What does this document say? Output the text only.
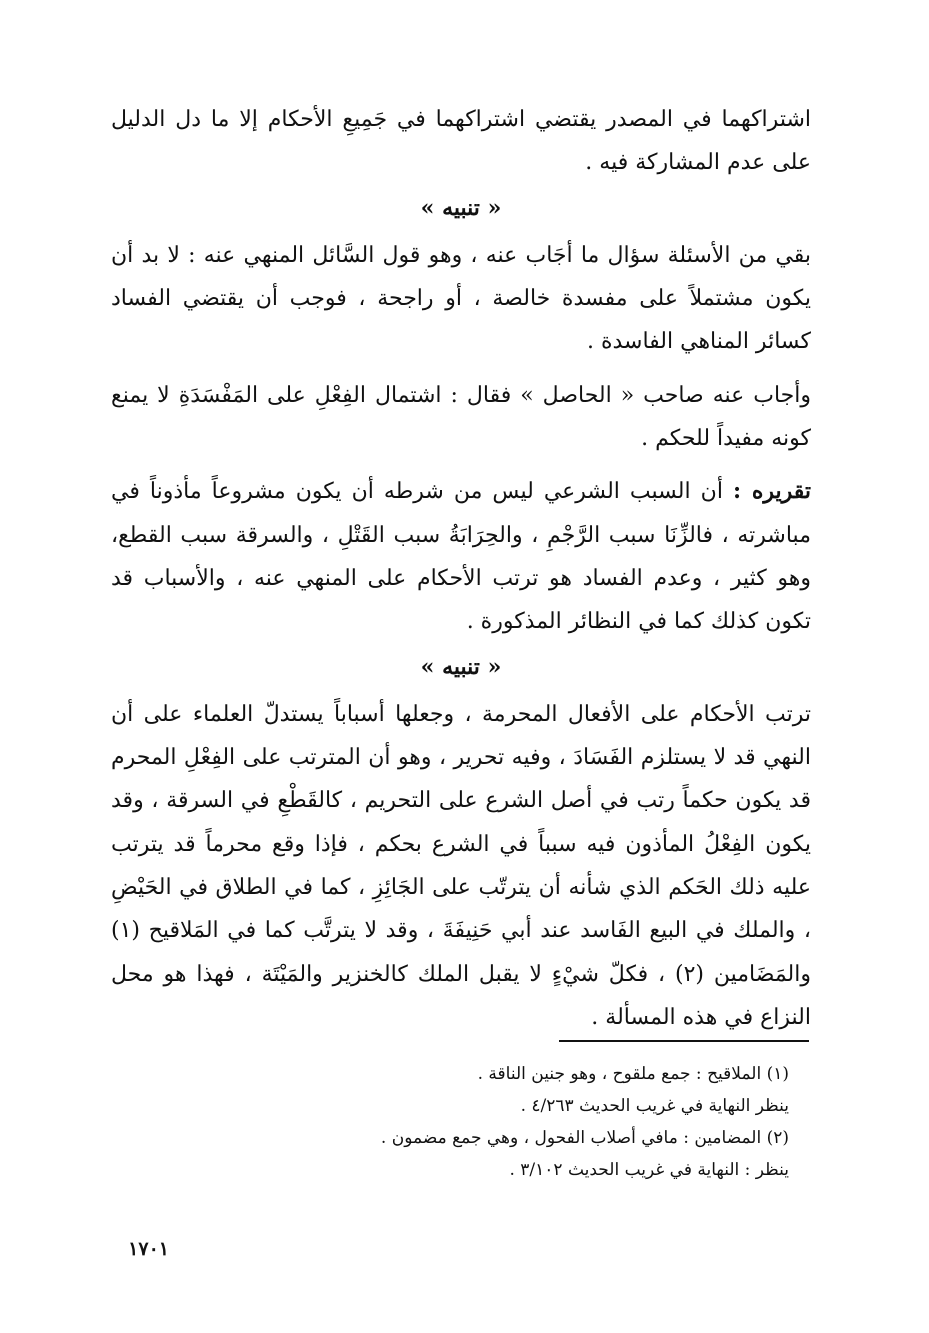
اشتراكهما في المصدر يقتضي اشتراكهما في جَمِيعِ الأحكام إلا ما دل الدليل على عدم المشاركة فيه .

« تنبيه »

بقي من الأسئلة سؤال ما أجَاب عنه ، وهو قول السَّائل المنهي عنه : لا بد أن يكون مشتملاً على مفسدة خالصة ، أو راجحة ، فوجب أن يقتضي الفساد كسائر المناهي الفاسدة .

وأجاب عنه صاحب « الحاصل » فقال : اشتمال الفِعْلِ على المَفْسَدَةِ لا يمنع كونه مفيداً للحكم .

تقريره : أن السبب الشرعي ليس من شرطه أن يكون مشروعاً مأذوناً في مباشرته ، فالزِّنَا سبب الرَّجْمِ ، والحِرَابَةُ سبب القَتْلِ ، والسرقة سبب القطع، وهو كثير ، وعدم الفساد هو ترتب الأحكام على المنهي عنه ، والأسباب قد تكون كذلك كما في النظائر المذكورة .

« تنبيه »

ترتب الأحكام على الأفعال المحرمة ، وجعلها أسباباً يستدلّ العلماء على أن النهي قد لا يستلزم الفَسَادَ ، وفيه تحرير ، وهو أن المترتب على الفِعْلِ المحرم قد يكون حكماً رتب في أصل الشرع على التحريم ، كالقَطْعِ في السرقة ، وقد يكون الفِعْلُ المأذون فيه سبباً في الشرع بحكم ، فإذا وقع محرماً قد يترتب عليه ذلك الحَكم الذي شأنه أن يترتّب على الجَائِزِ ، كما في الطلاق في الحَيْضِ ، والملك في البيع الفَاسد عند أبي حَنِيفَةَ ، وقد لا يترتَّب كما في المَلاقيح (١) والمَضَامين (٢) ، فكلّ شيْءٍ لا يقبل الملك كالخنزير والمَيْتَة ، فهذا هو محل النزاع في هذه المسألة .

(١) الملاقيح : جمع ملقوح ، وهو جنين الناقة .

ينظر النهاية في غريب الحديث ٤/٢٦٣ .

(٢) المضامين : مافي أصلاب الفحول ، وهي جمع مضمون .

ينظر : النهاية في غريب الحديث ٣/١٠٢ .

١٧٠١
